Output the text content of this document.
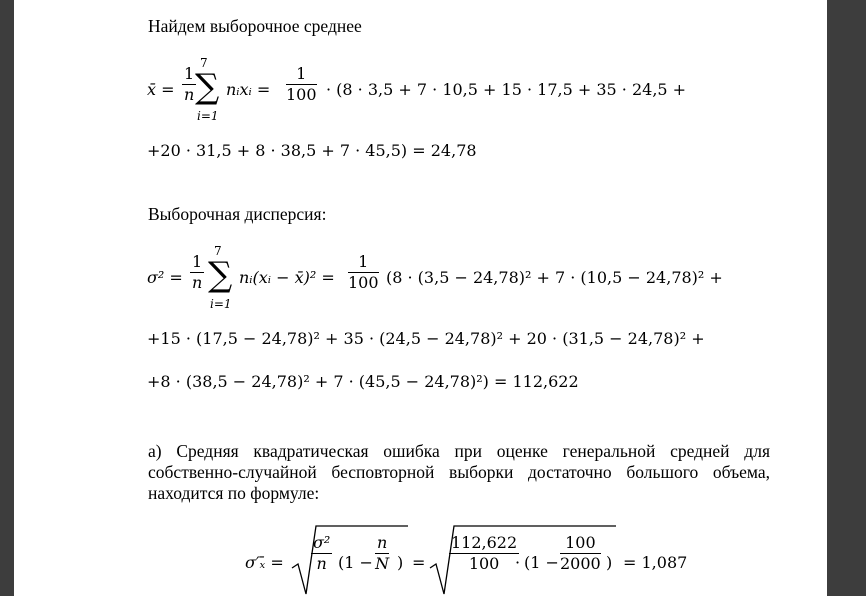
Найдем выборочное среднее
x̄ = $\frac{1}{n}$
7
∑
i=1
nᵢxᵢ = $\frac{1}{100} \cdot (8 \cdot 3,5 + 7 \cdot 10,5 + 15 \cdot 17,5 + 35 \cdot 24,5$ +
+20 · 31,5 + 8 · 38,5 + 7 · 45,5) = 24,78
Выборочная дисперсия:
$\sigma^2 = \frac{1}{n}$
7
∑
i=1
nᵢ(xᵢ − x̄)² = $\frac{1}{100} (8 \cdot (3,5 - 24,78)^2 + 7 \cdot (10,5 - 24,78)^2$ +
+15 · (17,5 − 24,78)² + 35 · (24,5 − 24,78)² + 20 · (31,5 − 24,78)² +
+8 · (38,5 − 24,78)² + 7 · (45,5 − 24,78)²) = 112,622
а) Средняя квадратическая ошибка при оценке генеральной средней для собственно-случайной бесповторной выборки достаточно большого объема, находится по формуле:
σ′ₓ̄ = $\frac{\text{σ²}}{n} (1 - \frac{n}{N}$ ) = $\frac{112,622}{100}$
· ($1 - \frac{100}{2000}$ ) = 1,087
